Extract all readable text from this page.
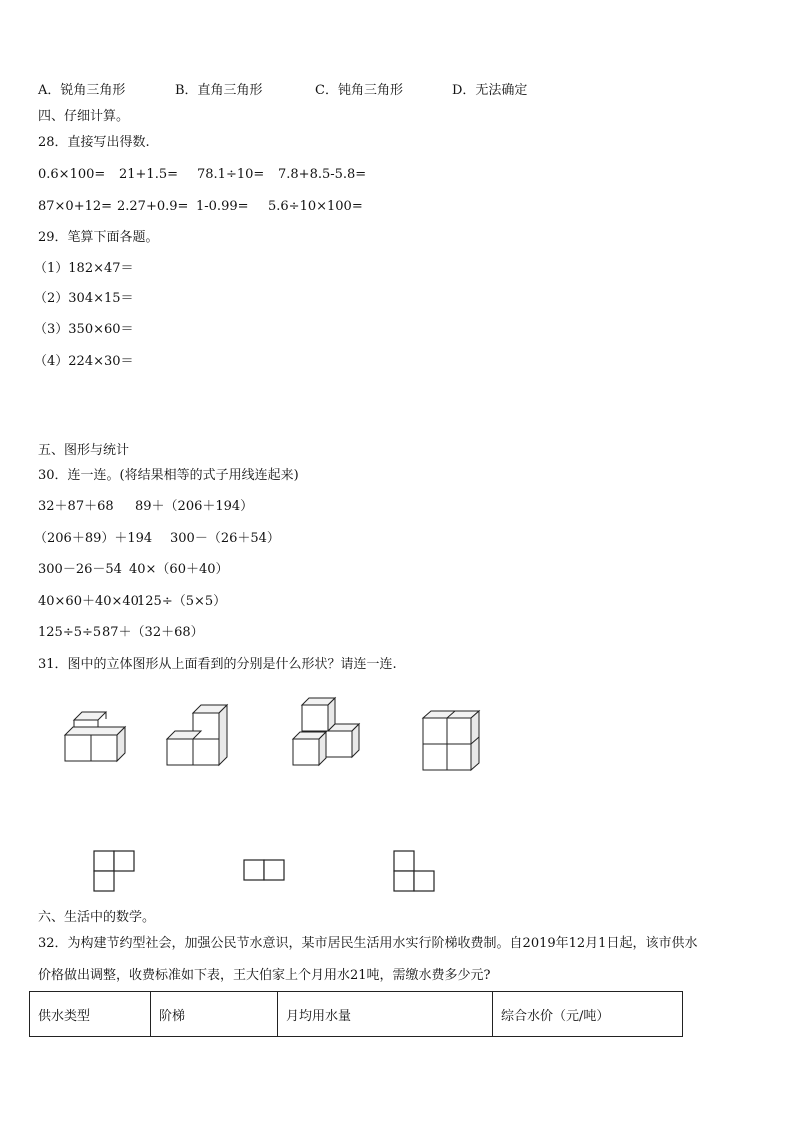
A．锐角三角形	B．直角三角形	C．钝角三角形	D．无法确定
四、仔细计算。
28．直接写出得数.
0.6×100= 21+1.5= 78.1÷10= 7.8+8.5-5.8=
87×0+12= 2.27+0.9= 1-0.99= 5.6÷10×100=
29．笔算下面各题。
（1）182×47＝
（2）304×15＝
（3）350×60＝
（4）224×30＝
五、图形与统计
30．连一连。(将结果相等的式子用线连起来)
32＋87＋68 89＋（206＋194）
（206＋89）＋194 300－（26＋54）
300－26－54 40×（60＋40）
40×60＋40×40
125÷（5×5）
125÷5÷5 87＋（32＋68）
31．图中的立体图形从上面看到的分别是什么形状？请连一连.
六、生活中的数学。
32．为构建节约型社会，加强公民节水意识，某市居民生活用水实行阶梯收费制。自2019年12月1日起，该市供水
价格做出调整，收费标准如下表，王大伯家上个月用水21吨，需缴水费多少元?
供水类型	阶梯	月均用水量	综合水价（元/吨）
